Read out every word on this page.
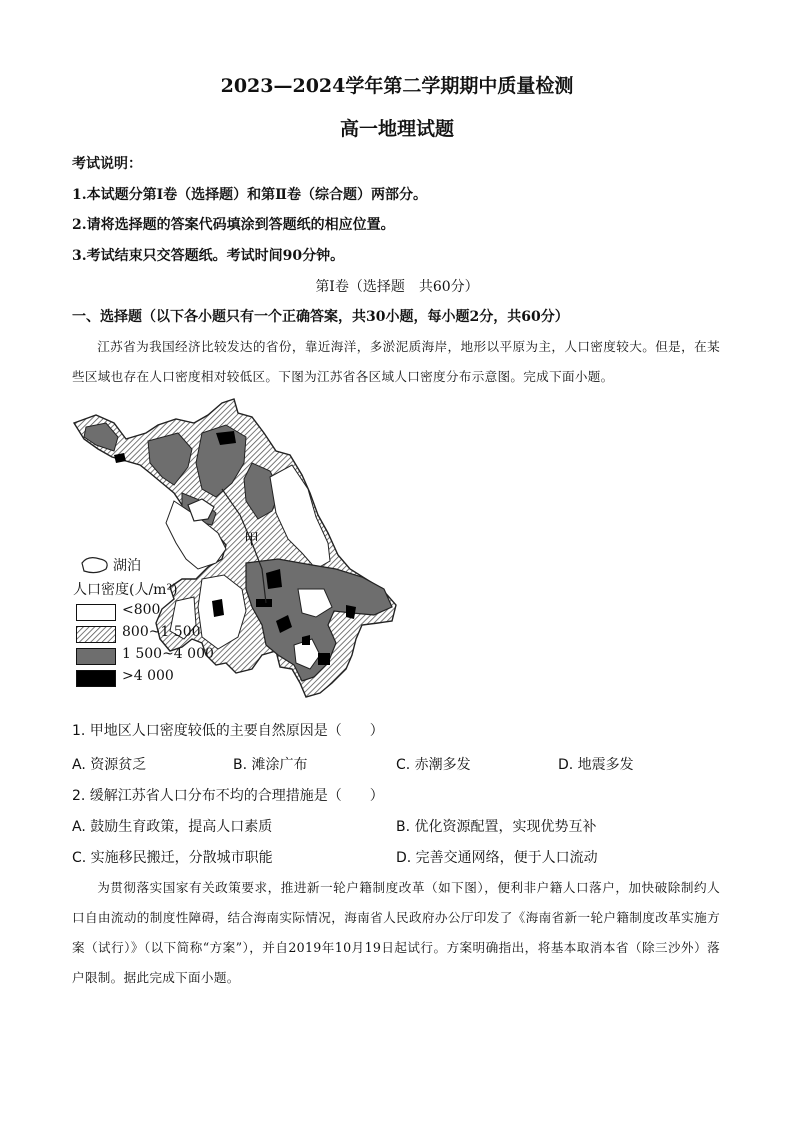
2023—2024学年第二学期期中质量检测
高一地理试题
考试说明：
1.本试题分第Ⅰ卷（选择题）和第Ⅱ卷（综合题）两部分。
2.请将选择题的答案代码填涂到答题纸的相应位置。
3.考试结束只交答题纸。考试时间90分钟。
第Ⅰ卷（选择题　共60分）
一、选择题（以下各小题只有一个正确答案，共30小题，每小题2分，共60分）
江苏省为我国经济比较发达的省份，靠近海洋，多淤泥质海岸，地形以平原为主，人口密度较大。但是，在某些区域也存在人口密度相对较低区。下图为江苏省各区域人口密度分布示意图。完成下面小题。
甲
湖泊
人口密度(人/m²)
<800
800~1 500
1 500~4 000
>4 000
1. 甲地区人口密度较低的主要自然原因是（　　）
A. 资源贫乏	B. 滩涂广布	C. 赤潮多发	D. 地震多发
2. 缓解江苏省人口分布不均的合理措施是（　　）
A. 鼓励生育政策，提高人口素质	B. 优化资源配置，实现优势互补
C. 实施移民搬迁，分散城市职能	D. 完善交通网络，便于人口流动
为贯彻落实国家有关政策要求，推进新一轮户籍制度改革（如下图），便利非户籍人口落户，加快破除制约人口自由流动的制度性障碍，结合海南实际情况，海南省人民政府办公厅印发了《海南省新一轮户籍制度改革实施方案（试行）》（以下简称“方案”），并自2019年10月19日起试行。方案明确指出，将基本取消本省（除三沙外）落户限制。据此完成下面小题。
